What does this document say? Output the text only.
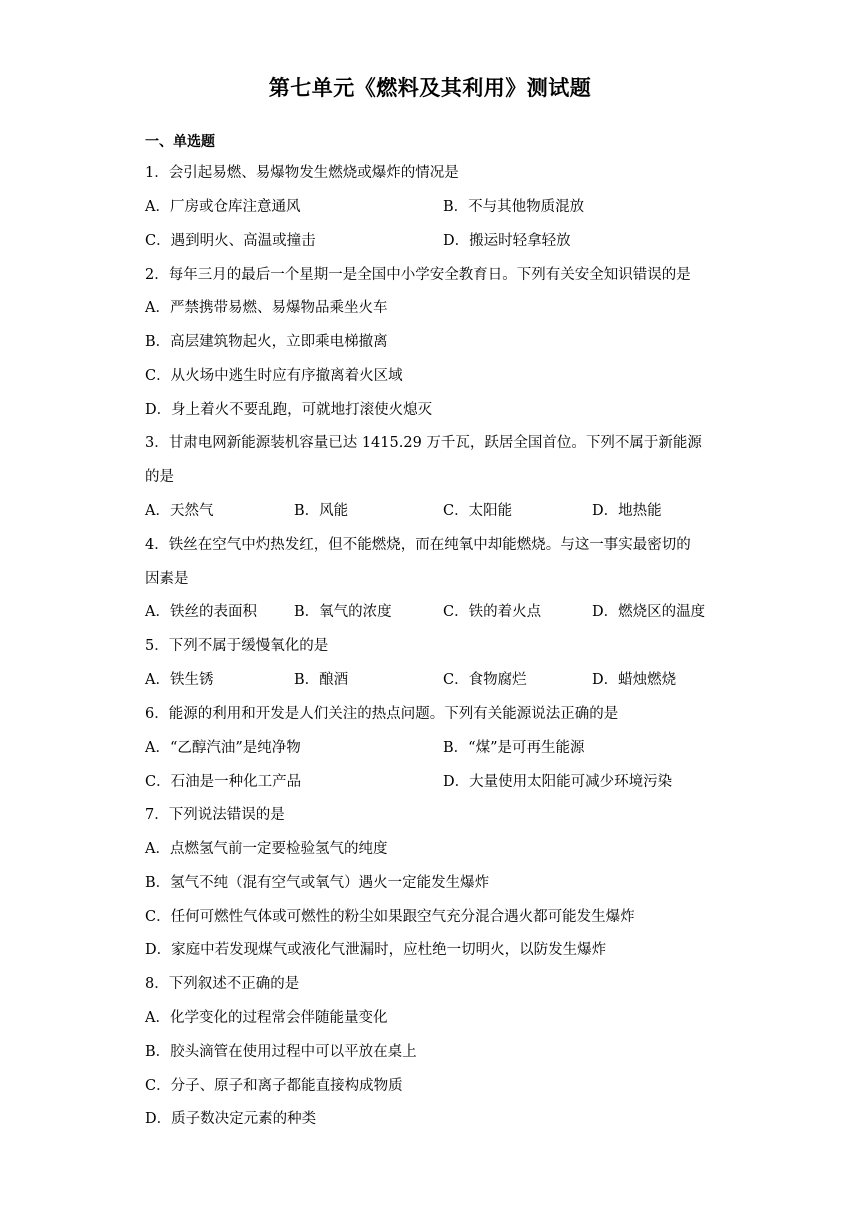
第七单元《燃料及其利用》测试题
一、单选题
1．会引起易燃、易爆物发生燃烧或爆炸的情况是
A．厂房或仓库注意通风	B．不与其他物质混放
C．遇到明火、高温或撞击	D．搬运时轻拿轻放
2．每年三月的最后一个星期一是全国中小学安全教育日。下列有关安全知识错误的是
A．严禁携带易燃、易爆物品乘坐火车
B．高层建筑物起火，立即乘电梯撤离
C．从火场中逃生时应有序撤离着火区域
D．身上着火不要乱跑，可就地打滚使火熄灭
3．甘肃电网新能源装机容量已达 1415.29 万千瓦，跃居全国首位。下列不属于新能源
的是
A．天然气	B．风能	C．太阳能	D．地热能
4．铁丝在空气中灼热发红，但不能燃烧，而在纯氧中却能燃烧。与这一事实最密切的
因素是
A．铁丝的表面积	B．氧气的浓度	C．铁的着火点	D．燃烧区的温度
5．下列不属于缓慢氧化的是
A．铁生锈	B．酿酒	C．食物腐烂	D．蜡烛燃烧
6．能源的利用和开发是人们关注的热点问题。下列有关能源说法正确的是
A．“乙醇汽油”是纯净物	B．“煤”是可再生能源
C．石油是一种化工产品	D．大量使用太阳能可减少环境污染
7．下列说法错误的是
A．点燃氢气前一定要检验氢气的纯度
B．氢气不纯（混有空气或氧气）遇火一定能发生爆炸
C．任何可燃性气体或可燃性的粉尘如果跟空气充分混合遇火都可能发生爆炸
D．家庭中若发现煤气或液化气泄漏时，应杜绝一切明火，以防发生爆炸
8．下列叙述不正确的是
A．化学变化的过程常会伴随能量变化
B．胶头滴管在使用过程中可以平放在桌上
C．分子、原子和离子都能直接构成物质
D．质子数决定元素的种类
